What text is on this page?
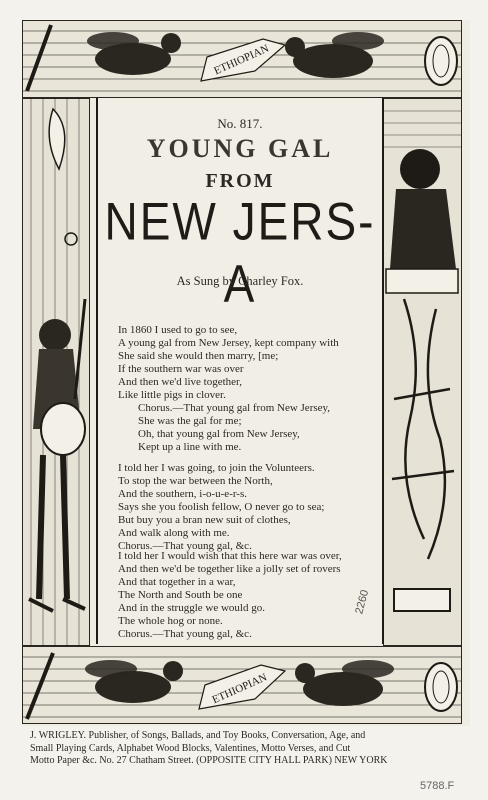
ETHIOPIAN
No. 817.
YOUNG GAL
FROM
NEW JERS-A
As Sung by Charley Fox.
In 1860 I used to go to see,
A young gal from New Jersey, kept company with
She said she would then marry, [me;
If the southern war was over
And then we'd live together,
Like little pigs in clover.
Chorus.—That young gal from New Jersey,
She was the gal for me;
Oh, that young gal from New Jersey,
Kept up a line with me.
I told her I was going, to join the Volunteers.
To stop the war between the North,
And the southern, i-o-u-e-r-s.
Says she you foolish fellow, O never go to sea;
But buy you a bran new suit of clothes,
And walk along with me.
Chorus.—That young gal, &c.
I told her I would wish that this here war was over,
And then we'd be together like a jolly set of rovers
And that together in a war,
The North and South be one
And in the struggle we would go.
The whole hog or none.
Chorus.—That young gal, &c.
ETHIOPIAN
2260
J. WRIGLEY. Publisher, of Songs, Ballads, and Toy Books, Conversation, Age, and
Small Playing Cards, Alphabet Wood Blocks, Valentines, Motto Verses, and Cut
Motto Paper &c. No. 27 Chatham Street. (OPPOSITE CITY HALL PARK) NEW YORK
5788.F
